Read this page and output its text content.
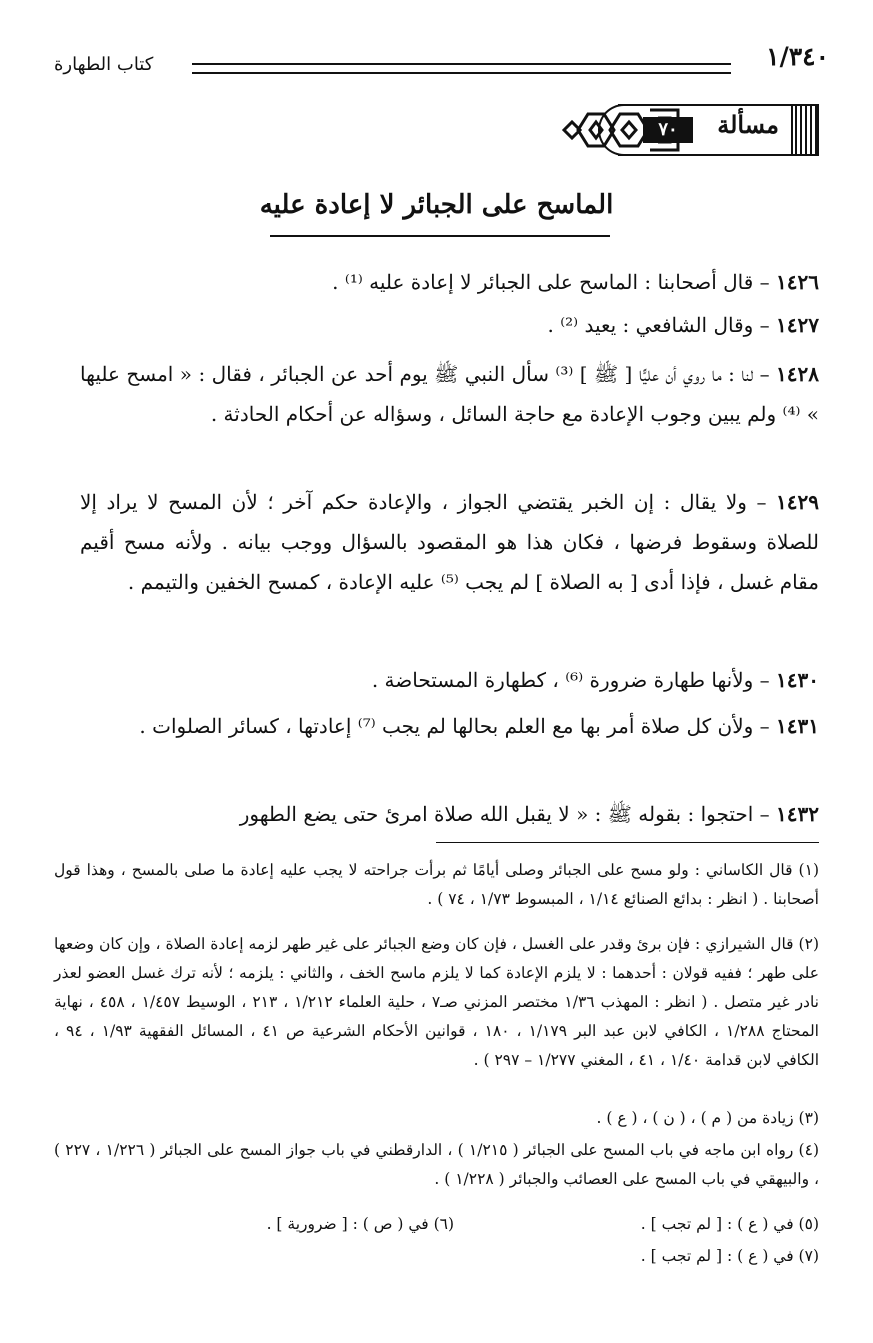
١/٣٤٠
كتاب الطهارة
مسألة
٧٠
الماسح على الجبائر لا إعادة عليه
١٤٢٦ – قال أصحابنا : الماسح على الجبائر لا إعادة عليه ⁽¹⁾ .
١٤٢٧ – وقال الشافعي : يعيد ⁽²⁾ .
١٤٢٨ – لنا : ما روي أن عليًّا [ ﷺ ] ⁽³⁾ سأل النبي ﷺ يوم أحد عن الجبائر ، فقال : « امسح عليها » ⁽⁴⁾ ولم يبين وجوب الإعادة مع حاجة السائل ، وسؤاله عن أحكام الحادثة .
١٤٢٩ – ولا يقال : إن الخبر يقتضي الجواز ، والإعادة حكم آخر ؛ لأن المسح لا يراد إلا للصلاة وسقوط فرضها ، فكان هذا هو المقصود بالسؤال ووجب بيانه . ولأنه مسح أقيم مقام غسل ، فإذا أدى [ به الصلاة ] لم يجب ⁽⁵⁾ عليه الإعادة ، كمسح الخفين والتيمم .
١٤٣٠ – ولأنها طهارة ضرورة ⁽⁶⁾ ، كطهارة المستحاضة .
١٤٣١ – ولأن كل صلاة أمر بها مع العلم بحالها لم يجب ⁽⁷⁾ إعادتها ، كسائر الصلوات .
١٤٣٢ – احتجوا : بقوله ﷺ : « لا يقبل الله صلاة امرئ حتى يضع الطهور
(١) قال الكاساني : ولو مسح على الجبائر وصلى أيامًا ثم برأت جراحته لا يجب عليه إعادة ما صلى بالمسح ، وهذا قول أصحابنا . ( انظر : بدائع الصنائع ١/١٤ ، المبسوط ١/٧٣ ، ٧٤ ) .
(٢) قال الشيرازي : فإن برئ وقدر على الغسل ، فإن كان وضع الجبائر على غير طهر لزمه إعادة الصلاة ، وإن كان وضعها على طهر ؛ ففيه قولان : أحدهما : لا يلزم الإعادة كما لا يلزم ماسح الخف ، والثاني : يلزمه ؛ لأنه ترك غسل العضو لعذر نادر غير متصل . ( انظر : المهذب ١/٣٦ مختصر المزني صـ٧ ، حلية العلماء ١/٢١٢ ، ٢١٣ ، الوسيط ١/٤٥٧ ، ٤٥٨ ، نهاية المحتاج ١/٢٨٨ ، الكافي لابن عبد البر ١/١٧٩ ، ١٨٠ ، قوانين الأحكام الشرعية ص ٤١ ، المسائل الفقهية ١/٩٣ ، ٩٤ ، الكافي لابن قدامة ١/٤٠ ، ٤١ ، المغني ١/٢٧٧ – ٢٩٧ ) .
(٣) زيادة من ( م ) ، ( ن ) ، ( ع ) .
(٤) رواه ابن ماجه في باب المسح على الجبائر ( ١/٢١٥ ) ، الدارقطني في باب جواز المسح على الجبائر ( ١/٢٢٦ ، ٢٢٧ ) ، والبيهقي في باب المسح على العصائب والجبائر ( ١/٢٢٨ ) .
(٥) في ( ع ) : [ لم تجب ] . (٦) في ( ص ) : [ ضرورية ] .
(٧) في ( ع ) : [ لم تجب ] .
